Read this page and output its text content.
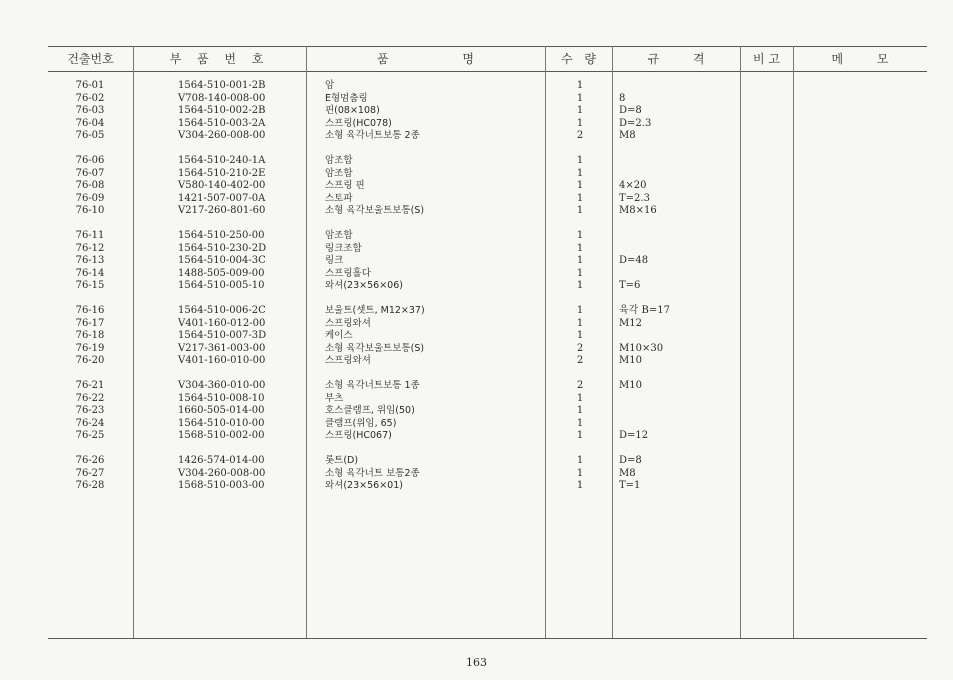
건출번호	부 품 번 호	품 명	수 량	규 격	비 고	메 모
76-01	1564-510-001-2B	암	1
76-02	V708-140-008-00	E형멈춤링	1	8
76-03	1564-510-002-2B	핀(08×108)	1	D=8
76-04	1564-510-003-2A	스프링(HC078)	1	D=2.3
76-05	V304-260-008-00	소형 육각너트보통 2종	2	M8
76-06	1564-510-240-1A	암조합	1
76-07	1564-510-210-2E	암조합	1
76-08	V580-140-402-00	스프링 핀	1	4×20
76-09	1421-507-007-0A	스토파	1	T=2.3
76-10	V217-260-801-60	소형 육각보울트보통(S)	1	M8×16
76-11	1564-510-250-00	암조합	1
76-12	1564-510-230-2D	링크조합	1
76-13	1564-510-004-3C	링크	1	D=48
76-14	1488-505-009-00	스프링홀다	1
76-15	1564-510-005-10	와셔(23×56×06)	1	T=6
76-16	1564-510-006-2C	보울트(셋트, M12×37)	1	육각 B=17
76-17	V401-160-012-00	스프링와셔	1	M12
76-18	1564-510-007-3D	케이스	1
76-19	V217-361-003-00	소형 육각보울트보통(S)	2	M10×30
76-20	V401-160-010-00	스프링와셔	2	M10
76-21	V304-360-010-00	소형 육각너트보통 1종	2	M10
76-22	1564-510-008-10	부츠	1
76-23	1660-505-014-00	호스클램프, 위임(50)	1
76-24	1564-510-010-00	클램프(위임, 65)	1
76-25	1568-510-002-00	스프링(HC067)	1	D=12
76-26	1426-574-014-00	롯트(D)	1	D=8
76-27	V304-260-008-00	소형 육각너트 보통2종	1	M8
76-28	1568-510-003-00	와셔(23×56×01)	1	T=1
163
